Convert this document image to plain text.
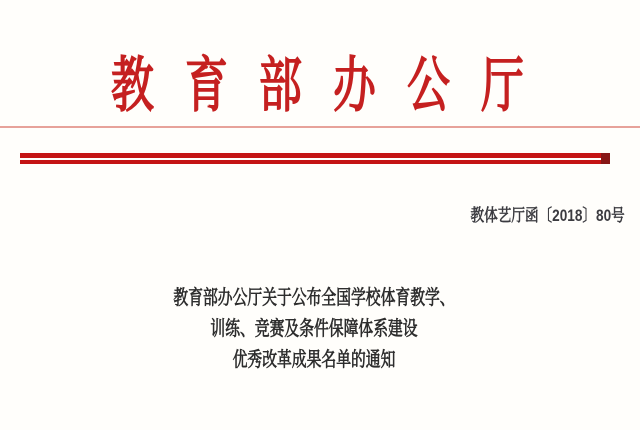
教育部办公厅
教体艺厅函〔2018〕80号
教育部办公厅关于公布全国学校体育教学、
训练、竞赛及条件保障体系建设
优秀改革成果名单的通知
